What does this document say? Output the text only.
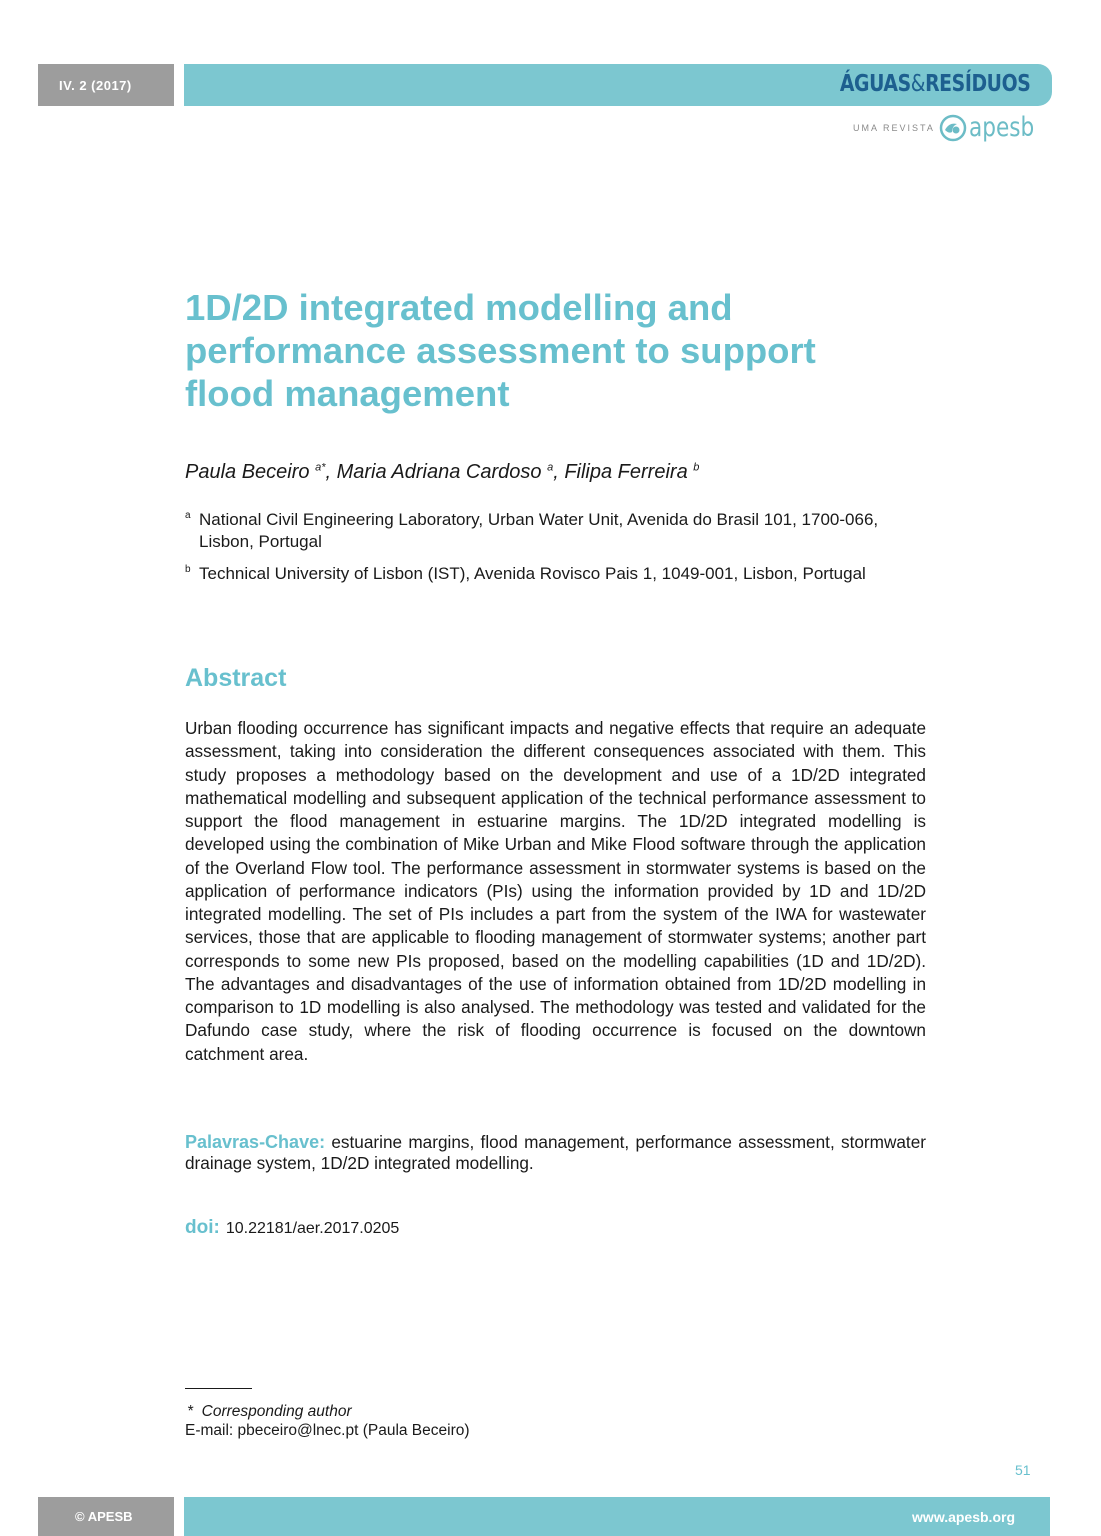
IV. 2 (2017)	ÁGUAS&RESÍDUOS
UMA REVISTA apesb
1D/2D integrated modelling and performance assessment to support flood management
Paula Beceiro $^{a*}$, Maria Adriana Cardoso $^a$, Filipa Ferreira $^b$
a National Civil Engineering Laboratory, Urban Water Unit, Avenida do Brasil 101, 1700-066, Lisbon, Portugal
b Technical University of Lisbon (IST), Avenida Rovisco Pais 1, 1049-001, Lisbon, Portugal
Abstract

Urban flooding occurrence has significant impacts and negative effects that require an adequate assessment, taking into consideration the different consequences associated with them. This study proposes a methodology based on the development and use of a 1D/2D integrated mathematical modelling and subsequent application of the technical performance assessment to support the flood management in estuarine margins. The 1D/2D integrated modelling is developed using the combination of Mike Urban and Mike Flood software through the application of the Overland Flow tool. The performance assessment in stormwater systems is based on the application of performance indicators (PIs) using the information provided by 1D and 1D/2D integrated modelling. The set of PIs includes a part from the system of the IWA for wastewater services, those that are applicable to flooding management of stormwater systems; another part corresponds to some new PIs proposed, based on the modelling capabilities (1D and 1D/2D). The advantages and disadvantages of the use of information obtained from 1D/2D modelling in comparison to 1D modelling is also analysed. The methodology was tested and validated for the Dafundo case study, where the risk of flooding occurrence is focused on the downtown catchment area.

Palavras-Chave: estuarine margins, flood management, performance assessment, stormwater drainage system, 1D/2D integrated modelling.

doi: 10.22181/aer.2017.0205
* Corresponding author
E-mail: pbeceiro@lnec.pt (Paula Beceiro)
51
© APESB	www.apesb.org
